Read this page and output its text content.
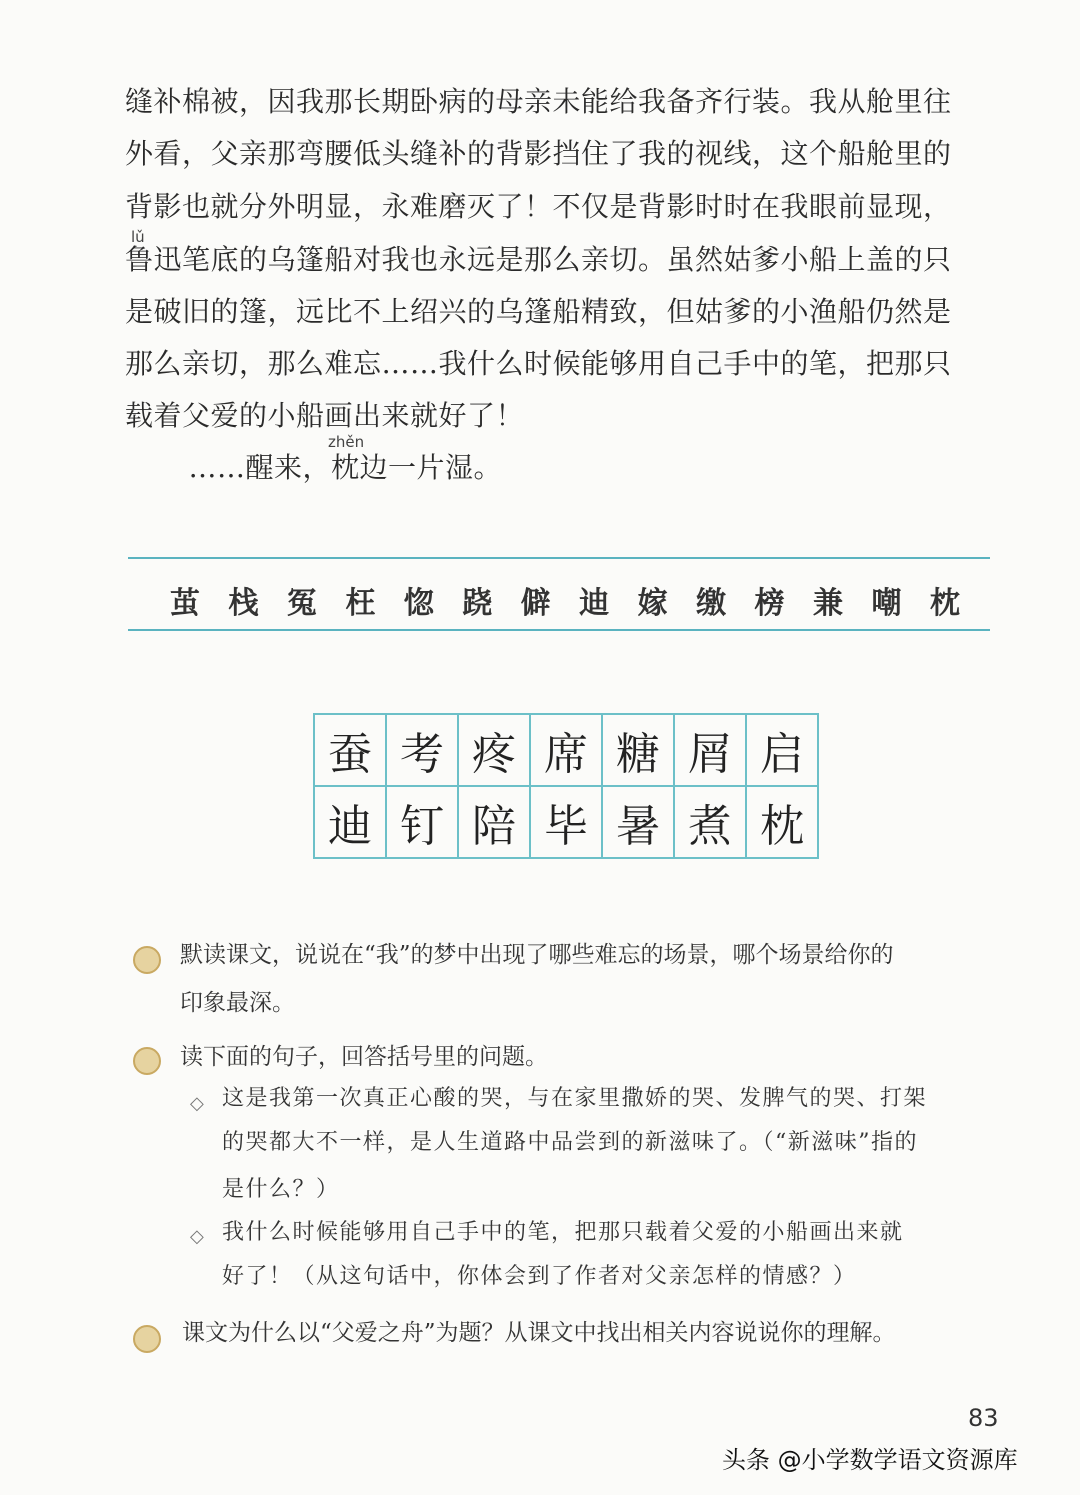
缝补棉被，因我那长期卧病的母亲未能给我备齐行装。我从舱里往
外看，父亲那弯腰低头缝补的背影挡住了我的视线，这个船舱里的
背影也就分外明显，永难磨灭了！不仅是背影时时在我眼前显现，
lǔ
鲁迅笔底的乌篷船对我也永远是那么亲切。虽然姑爹小船上盖的只
是破旧的篷，远比不上绍兴的乌篷船精致，但姑爹的小渔船仍然是
那么亲切，那么难忘……我什么时候能够用自己手中的笔，把那只
载着父爱的小船画出来就好了！
zhěn
　……醒来，枕边一片湿。
茧 栈 冤 枉 惚 跷 僻 迪 嫁 缴 榜 兼 嘲 枕
蚕	考	疼	席	糖	屑	启
迪	钉	陪	毕	暑	煮	枕
默读课文，说说在“我”的梦中出现了哪些难忘的场景，哪个场景给你的
印象最深。
读下面的句子，回答括号里的问题。
◇ 这是我第一次真正心酸的哭，与在家里撒娇的哭、发脾气的哭、打架
的哭都大不一样，是人生道路中品尝到的新滋味了。（“新滋味”指的
是什么？）
◇ 我什么时候能够用自己手中的笔，把那只载着父爱的小船画出来就
好了！（从这句话中，你体会到了作者对父亲怎样的情感？）
课文为什么以“父爱之舟”为题？从课文中找出相关内容说说你的理解。
83
头条 @小学数学语文资源库
